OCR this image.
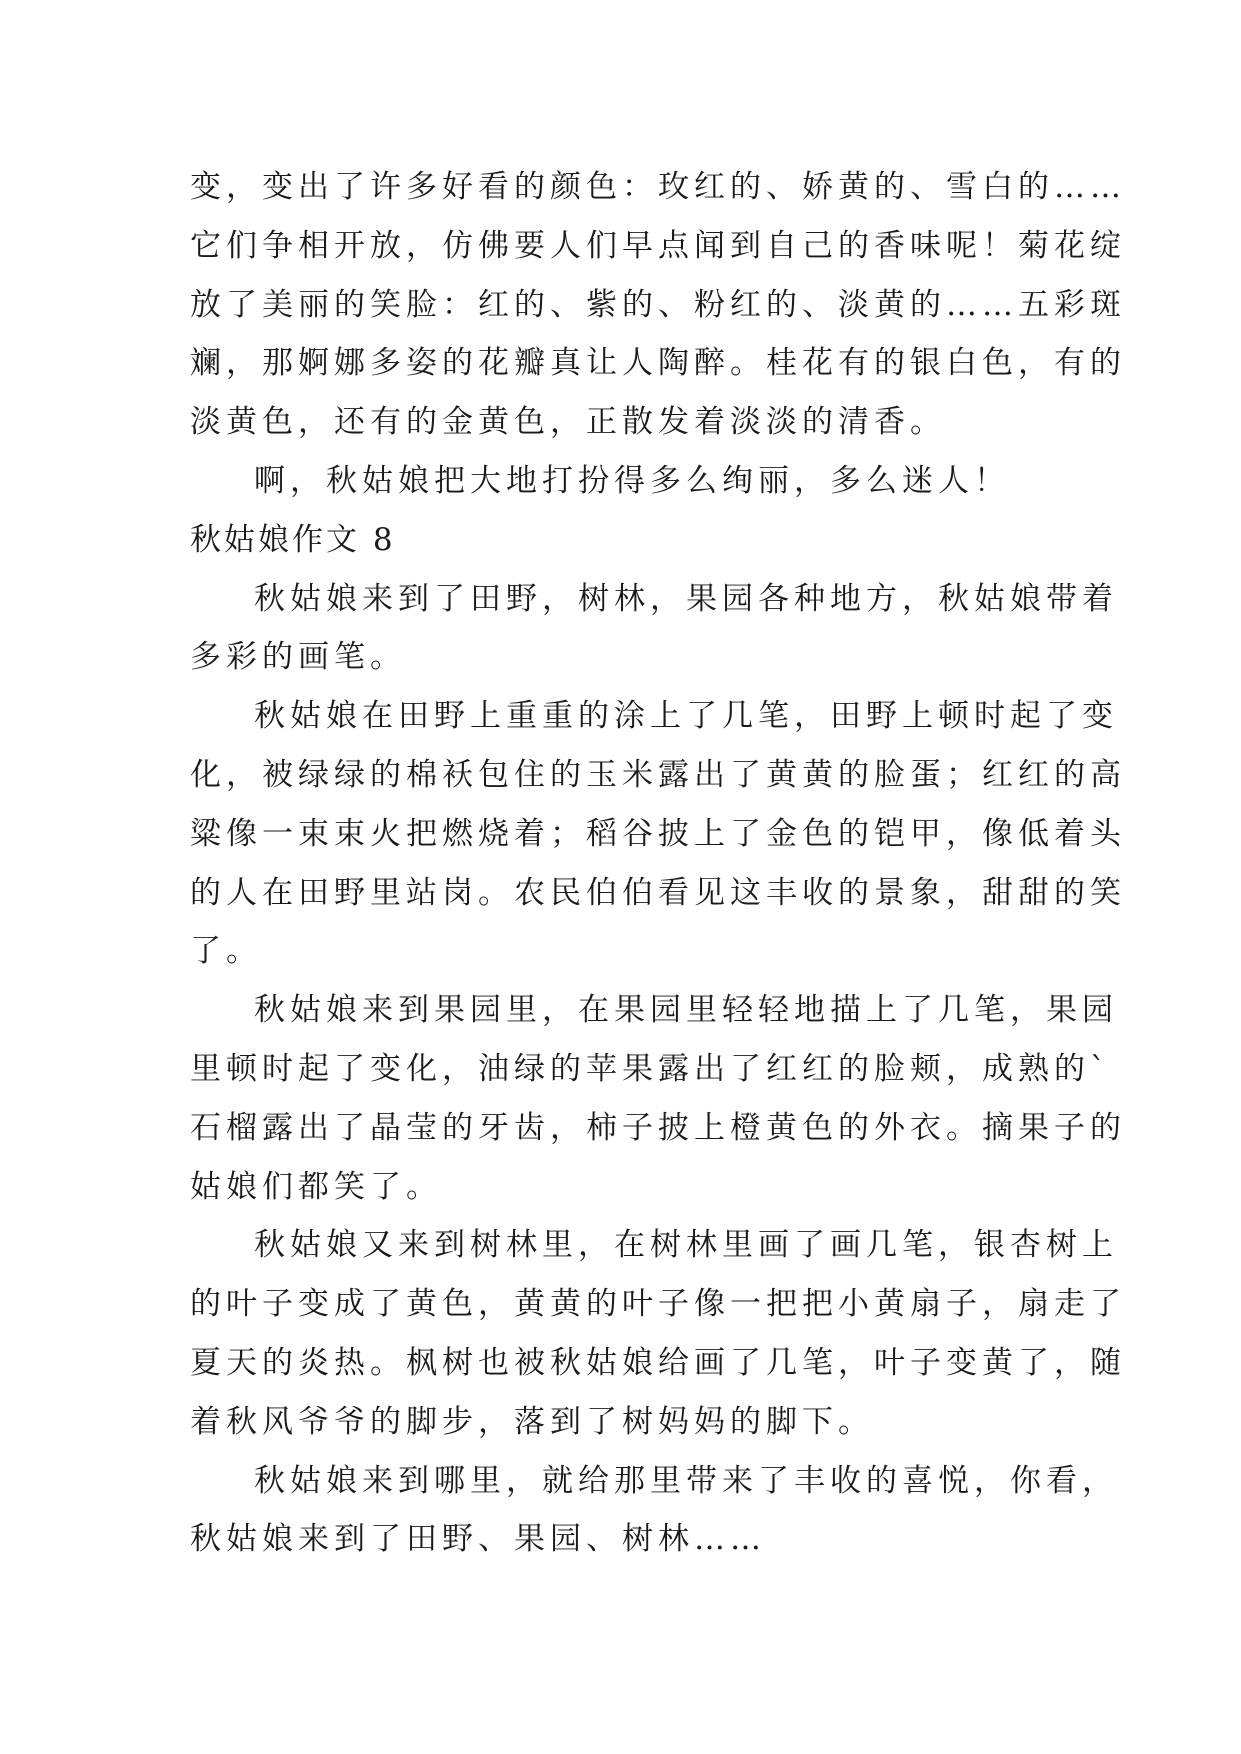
变，变出了许多好看的颜色：玫红的、娇黄的、雪白的……
它们争相开放，仿佛要人们早点闻到自己的香味呢！菊花绽
放了美丽的笑脸：红的、紫的、粉红的、淡黄的……五彩斑
斓，那婀娜多姿的花瓣真让人陶醉。桂花有的银白色，有的
淡黄色，还有的金黄色，正散发着淡淡的清香。
啊，秋姑娘把大地打扮得多么绚丽，多么迷人！
秋姑娘作文 8
秋姑娘来到了田野，树林，果园各种地方，秋姑娘带着
多彩的画笔。
秋姑娘在田野上重重的涂上了几笔，田野上顿时起了变
化，被绿绿的棉袄包住的玉米露出了黄黄的脸蛋；红红的高
粱像一束束火把燃烧着；稻谷披上了金色的铠甲，像低着头
的人在田野里站岗。农民伯伯看见这丰收的景象，甜甜的笑
了。
秋姑娘来到果园里，在果园里轻轻地描上了几笔，果园
里顿时起了变化，油绿的苹果露出了红红的脸颊，成熟的`
石榴露出了晶莹的牙齿，柿子披上橙黄色的外衣。摘果子的
姑娘们都笑了。
秋姑娘又来到树林里，在树林里画了画几笔，银杏树上
的叶子变成了黄色，黄黄的叶子像一把把小黄扇子，扇走了
夏天的炎热。枫树也被秋姑娘给画了几笔，叶子变黄了，随
着秋风爷爷的脚步，落到了树妈妈的脚下。
秋姑娘来到哪里，就给那里带来了丰收的喜悦，你看，
秋姑娘来到了田野、果园、树林……
